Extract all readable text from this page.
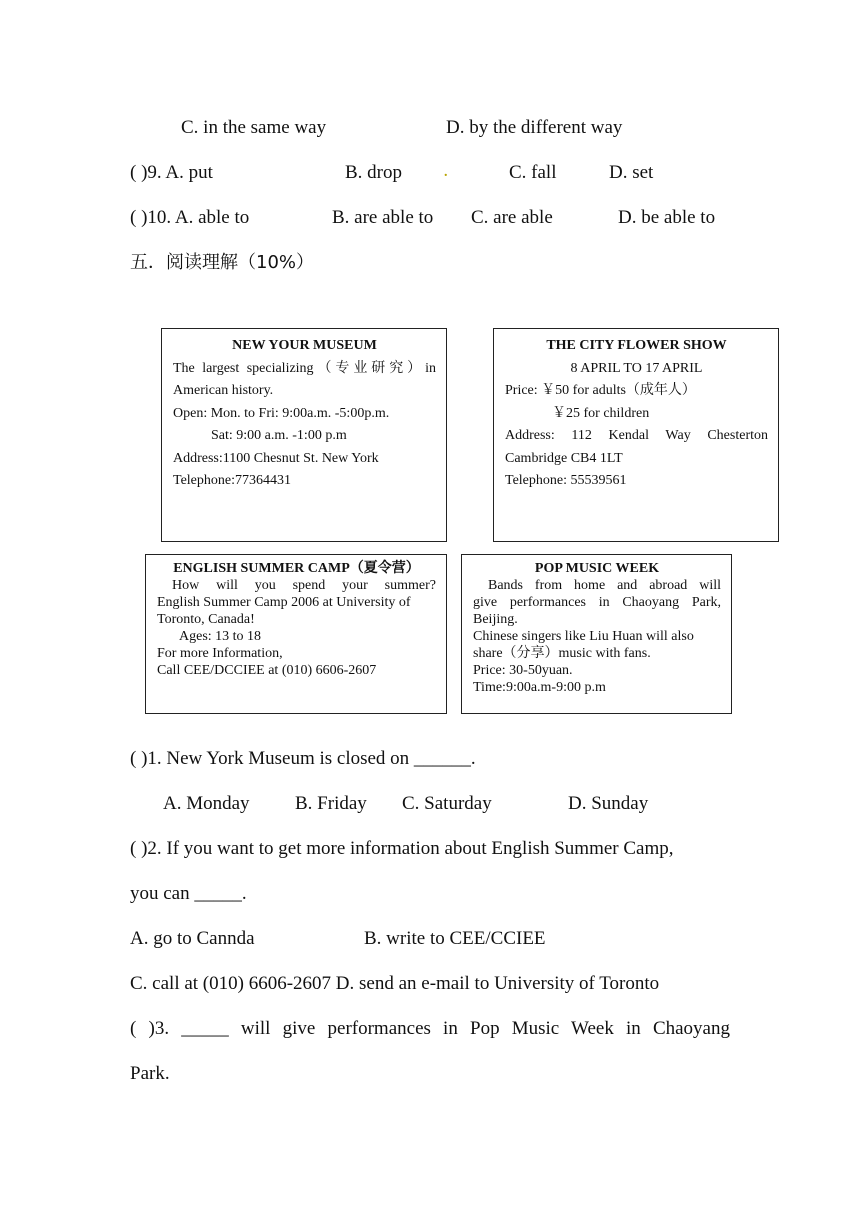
C. in the same way	D. by the different way
( )9. A. put	B. drop	.	C. fall	D. set
( )10. A. able to	B. are able to C. are able	D. be able to
五．阅读理解（10%）
NEW YOUR MUSEUM
The largest specializing（专业研究）in
American history.
Open: Mon. to Fri: 9:00a.m. -5:00p.m.
Sat: 9:00 a.m. -1:00 p.m
Address:1100 Chesnut St. New York
Telephone:77364431
THE CITY FLOWER SHOW
8 APRIL TO 17 APRIL
Price: ￥50 for adults（成年人）
￥25 for children
Address: 112 Kendal Way Chesterton
Cambridge CB4 1LT
Telephone: 55539561
ENGLISH SUMMER CAMP（夏令营）
How will you spend your summer?
English Summer Camp 2006 at University of
Toronto, Canada!
Ages: 13 to 18
For more Information,
Call CEE/DCCIEE at (010) 6606-2607
POP MUSIC WEEK
Bands from home and abroad will
give performances in Chaoyang Park,
Beijing.
Chinese singers like Liu Huan will also
share（分享）music with fans.
Price: 30-50yuan.
Time:9:00a.m-9:00 p.m
( )1. New York Museum is closed on ______.
A. Monday B. Friday C. Saturday	D. Sunday
( )2. If you want to get more information about English Summer Camp,
you can _____.
A. go to Cannda	B. write to CEE/CCIEE
C. call at (010) 6606-2607 D. send an e-mail to University of Toronto
( )3. _____ will give performances in Pop Music Week in Chaoyang
Park.
